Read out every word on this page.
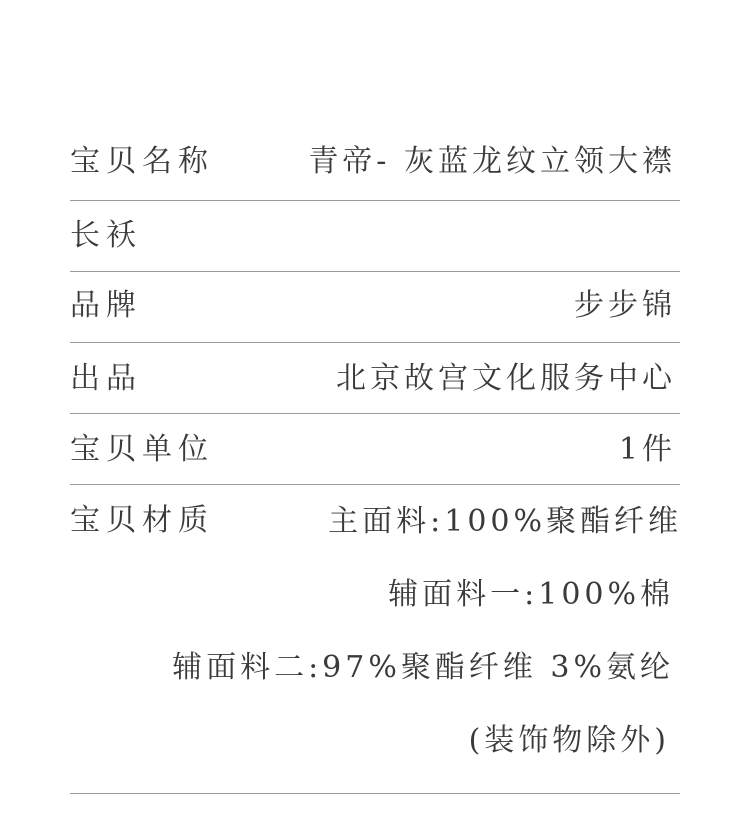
宝贝名称	青帝- 灰蓝龙纹立领大襟
长袄
品牌	步步锦
出品	北京故宫文化服务中心
宝贝单位	1件
宝贝材质	主面料:100%聚酯纤维
辅面料一:100%棉
辅面料二:97%聚酯纤维 3%氨纶
(装饰物除外)
